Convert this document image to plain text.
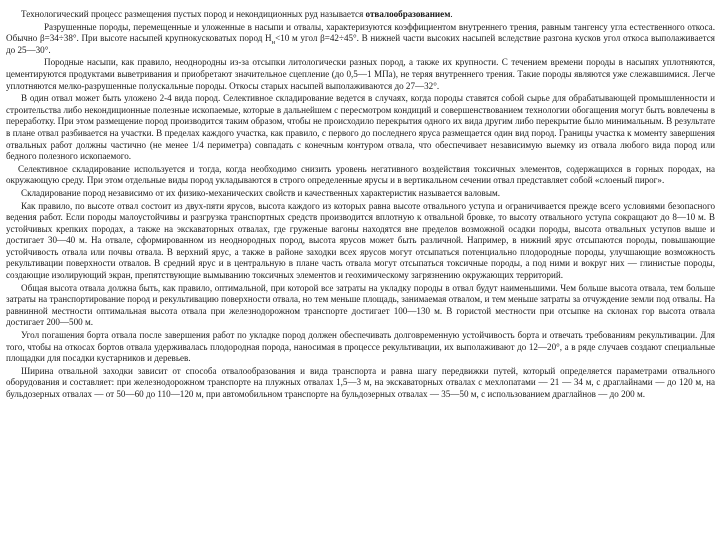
Технологический процесс размещения пустых пород и некондиционных руд называется отвалообразованием.

Разрушенные породы, перемещенные и уложенные в насыпи и отвалы, характеризуются коэффициентом внутреннего трения, равным тангенсу угла естественного откоса. Обычно β=34÷38°. При высоте насыпей крупнокусковатых пород $H_н<10$ м угол β=42÷45°. В нижней части высоких насыпей вследствие разгона кусков угол откоса выполаживается до 25—30°.

Породные насыпи, как правило, неоднородны из-за отсыпки литологически разных пород, а также их крупности. С течением времени породы в насыпях уплотняются, цементируются продуктами выветривания и приобретают значительное сцепление (до 0,5—1 МПа), не теряя внутреннего трения. Такие породы являются уже слежавшимися. Легче уплотняются мелко-разрушенные полускальные породы. Откосы старых насыпей выполаживаются до 27—32°.

В один отвал может быть уложено 2-4 вида пород. Селективное складирование ведется в случаях, когда породы ставятся собой сырье для обрабатывающей промышленности и строительства либо некондиционные полезные ископаемые, которые в дальнейшем с пересмотром кондиций и совершенствованием технологии обогащения могут быть вовлечены в переработку. При этом размещение пород производится таким образом, чтобы не происходило перекрытия одного их вида другим либо перекрытие было минимальным. В результате в плане отвал разбивается на участки. В пределах каждого участка, как правило, с первого до последнего яруса размещается один вид пород. Границы участка к моменту завершения отвальных работ должны частично (не менее 1/4 периметра) совпадать с конечным контуром отвала, что обеспечивает независимую выемку из отвала любого вида пород или бедного полезного ископаемого.

Селективное складирование используется и тогда, когда необходимо снизить уровень негативного воздействия токсичных элементов, содержащихся в горных породах, на окружающую среду. При этом отдельные виды пород укладываются в строго определенные ярусы и в вертикальном сечении отвал представляет собой «слоеный пирог».

Складирование пород независимо от их физико-механических свойств и качественных характеристик называется валовым.

Как правило, по высоте отвал состоит из двух-пяти ярусов, высота каждого из которых равна высоте отвального уступа и ограничивается прежде всего условиями безопасного ведения работ. Если породы малоустойчивы и разгрузка транспортных средств производится вплотную к отвальной бровке, то высоту отвального уступа сокращают до 8—10 м. В устойчивых крепких породах, а также на экскаваторных отвалах, где груженые вагоны находятся вне пределов возможной осадки породы, высота отвальных уступов выше и достигает 30—40 м. На отвале, сформированном из неоднородных пород, высота ярусов может быть различной. Например, в нижний ярус отсыпаются породы, повышающие устойчивость отвала или почвы отвала. В верхний ярус, а также в районе заходки всех ярусов могут отсыпаться потенциально плодородные породы, улучшающие возможность рекультивации поверхности отвалов. В средний ярус и в центральную в плане часть отвала могут отсыпаться токсичные породы, а под ними и вокруг них — глинистые породы, создающие изолирующий экран, препятствующие вымыванию токсичных элементов и геохимическому загрязнению окружающих территорий.

Общая высота отвала должна быть, как правило, оптимальной, при которой все затраты на укладку породы в отвал будут наименьшими. Чем больше высота отвала, тем больше затраты на транспортирование пород и рекультивацию поверхности отвала, но тем меньше площадь, занимаемая отвалом, и тем меньше затраты за отчуждение земли под отвалы. На равнинной местности оптимальная высота отвала при железнодорожном транспорте достигает 100—130 м. В гористой местности при отсыпке на склонах гор высота отвала достигает 200—500 м.

Угол погашения борта отвала после завершения работ по укладке пород должен обеспечивать долговременную устойчивость борта и отвечать требованиям рекультивации. Для того, чтобы на откосах бортов отвала удерживалась плодородная порода, наносимая в процессе рекультивации, их выполаживают до 12—20°, а в ряде случаев создают специальные площадки для посадки кустарников и деревьев.

Ширина отвальной заходки зависит от способа отвалообразования и вида транспорта и равна шагу передвижки путей, который определяется параметрами отвального оборудования и составляет: при железнодорожном транспорте на плужных отвалах 1,5—3 м, на экскаваторных отвалах с мехлопатами — 21 — 34 м, с драглайнами — до 120 м, на бульдозерных отвалах — от 50—60 до 110—120 м, при автомобильном транспорте на бульдозерных отвалах — 35—50 м, с использованием драглайнов — до 200 м.
